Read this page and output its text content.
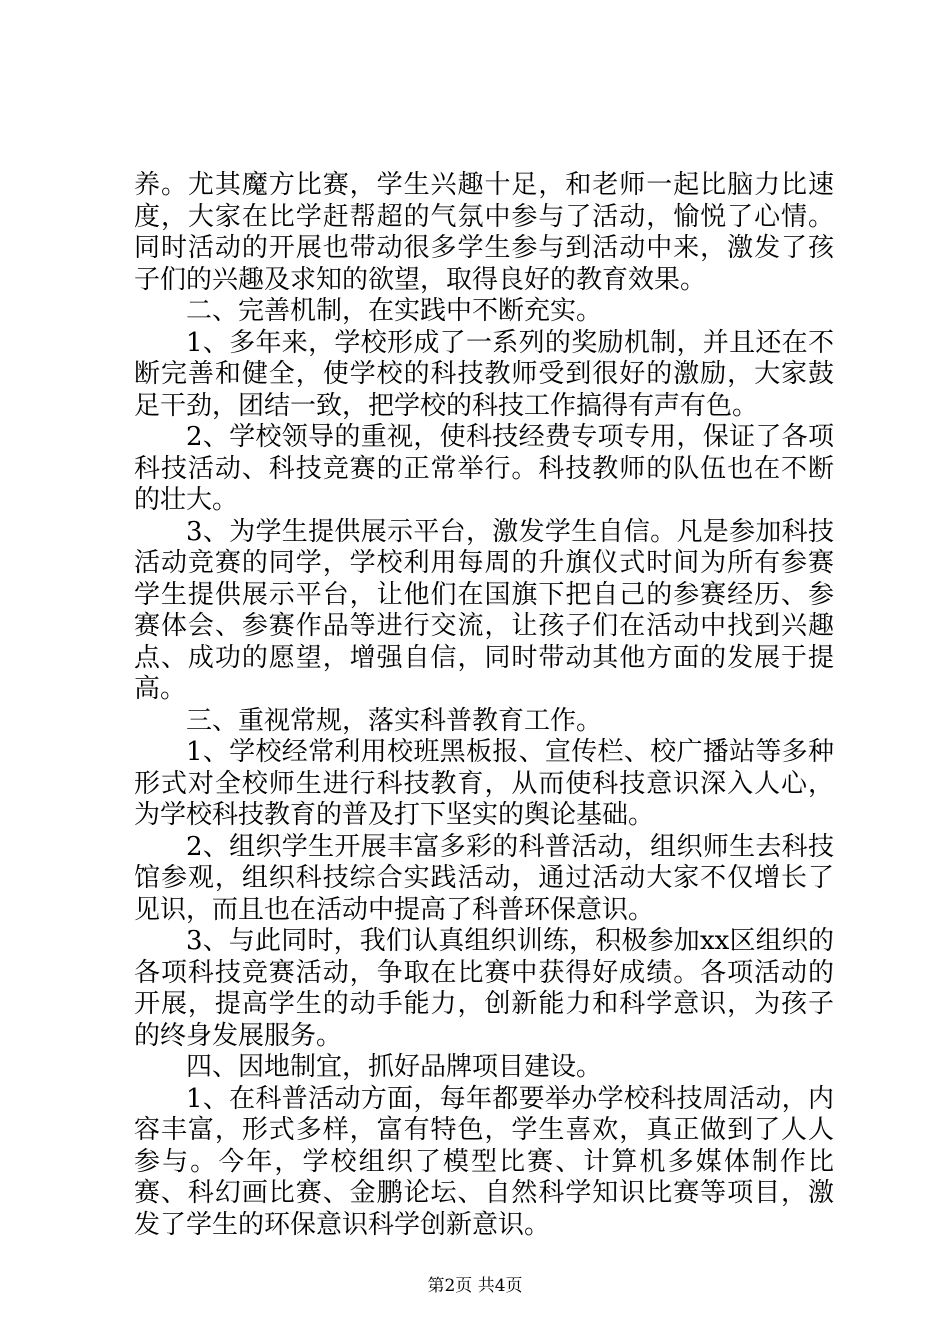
养。尤其魔方比赛，学生兴趣十足，和老师一起比脑力比速度，大家在比学赶帮超的气氛中参与了活动，愉悦了心情。同时活动的开展也带动很多学生参与到活动中来，激发了孩子们的兴趣及求知的欲望，取得良好的教育效果。

二、完善机制，在实践中不断充实。

1、多年来，学校形成了一系列的奖励机制，并且还在不断完善和健全，使学校的科技教师受到很好的激励，大家鼓足干劲，团结一致，把学校的科技工作搞得有声有色。

2、学校领导的重视，使科技经费专项专用，保证了各项科技活动、科技竞赛的正常举行。科技教师的队伍也在不断的壮大。

3、为学生提供展示平台，激发学生自信。凡是参加科技活动竞赛的同学，学校利用每周的升旗仪式时间为所有参赛学生提供展示平台，让他们在国旗下把自己的参赛经历、参赛体会、参赛作品等进行交流，让孩子们在活动中找到兴趣点、成功的愿望，增强自信，同时带动其他方面的发展于提高。

三、重视常规，落实科普教育工作。

1、学校经常利用校班黑板报、宣传栏、校广播站等多种形式对全校师生进行科技教育，从而使科技意识深入人心，为学校科技教育的普及打下坚实的舆论基础。

2、组织学生开展丰富多彩的科普活动，组织师生去科技馆参观，组织科技综合实践活动，通过活动大家不仅增长了见识，而且也在活动中提高了科普环保意识。

3、与此同时，我们认真组织训练，积极参加xx区组织的各项科技竞赛活动，争取在比赛中获得好成绩。各项活动的开展，提高学生的动手能力，创新能力和科学意识，为孩子的终身发展服务。

四、因地制宜，抓好品牌项目建设。

1、在科普活动方面，每年都要举办学校科技周活动，内容丰富，形式多样，富有特色，学生喜欢，真正做到了人人参与。今年，学校组织了模型比赛、计算机多媒体制作比赛、科幻画比赛、金鹏论坛、自然科学知识比赛等项目，激发了学生的环保意识科学创新意识。

第2页 共4页
